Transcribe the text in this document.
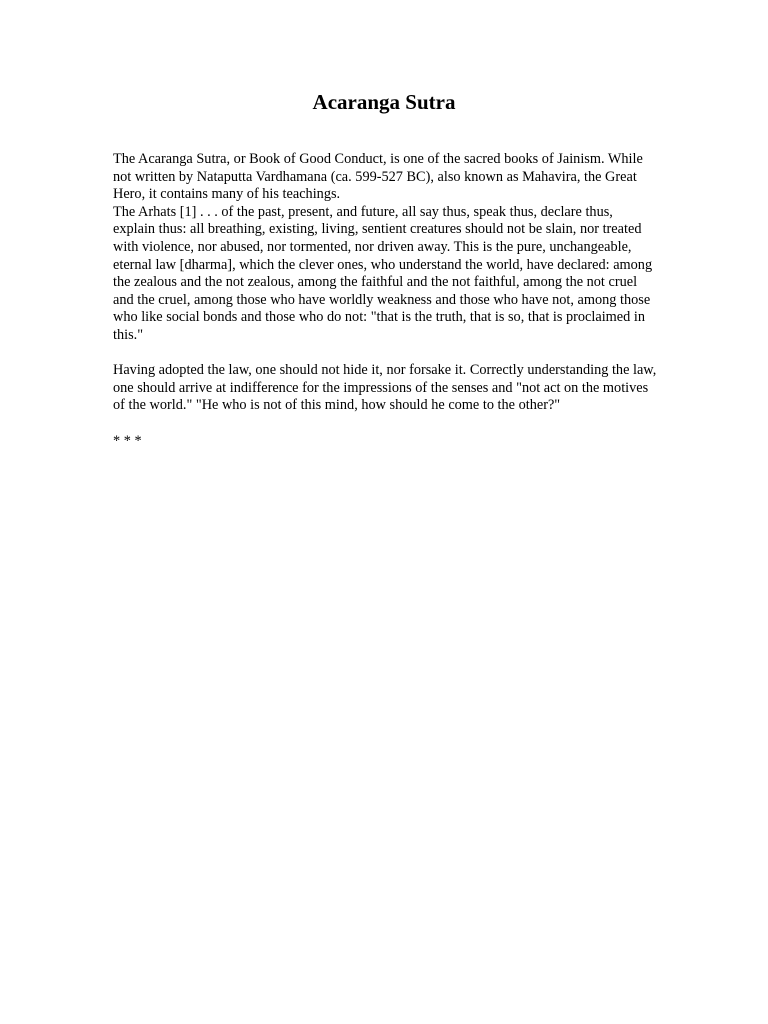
Acaranga Sutra

The Acaranga Sutra, or Book of Good Conduct, is one of the sacred books of Jainism. While not written by Nataputta Vardhamana (ca. 599-527 BC), also known as Mahavira, the Great Hero, it contains many of his teachings.

The Arhats [1] . . . of the past, present, and future, all say thus, speak thus, declare thus, explain thus: all breathing, existing, living, sentient creatures should not be slain, nor treated with violence, nor abused, nor tormented, nor driven away. This is the pure, unchangeable, eternal law [dharma], which the clever ones, who understand the world, have declared: among the zealous and the not zealous, among the faithful and the not faithful, among the not cruel and the cruel, among those who have worldly weakness and those who have not, among those who like social bonds and those who do not: "that is the truth, that is so, that is proclaimed in this."

Having adopted the law, one should not hide it, nor forsake it. Correctly understanding the law, one should arrive at indifference for the impressions of the senses and "not act on the motives of the world." "He who is not of this mind, how should he come to the other?"

* * *
